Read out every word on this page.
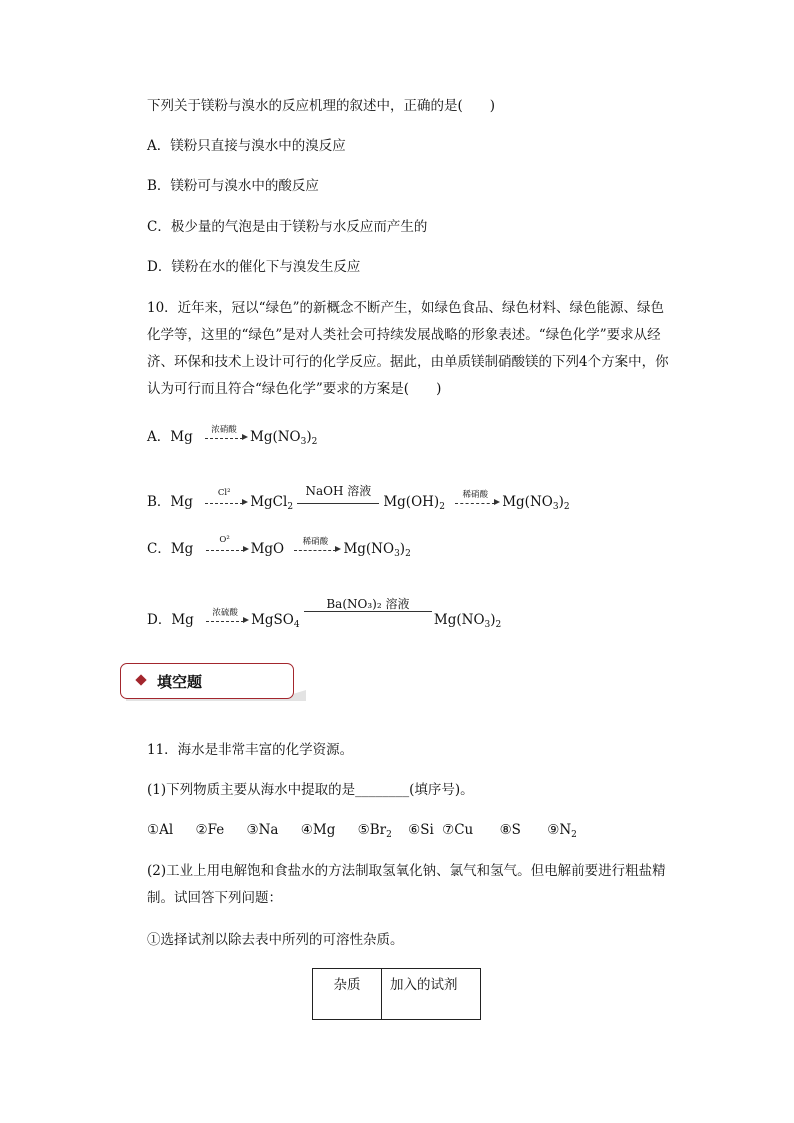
下列关于镁粉与溴水的反应机理的叙述中，正确的是(　　)
A．镁粉只直接与溴水中的溴反应
B．镁粉可与溴水中的酸反应
C．极少量的气泡是由于镁粉与水反应而产生的
D．镁粉在水的催化下与溴发生反应
10．近年来，冠以“绿色”的新概念不断产生，如绿色食品、绿色材料、绿色能源、绿色化学等，这里的“绿色”是对人类社会可持续发展战略的形象表述。“绿色化学”要求从经济、环保和技术上设计可行的化学反应。据此，由单质镁制硝酸镁的下列4个方案中，你认为可行而且符合“绿色化学”要求的方案是(　　)
A．Mg	浓硝酸 $Mg(NO_3)_2$
B．Mg
Cl²
MgCl$_2$
NaOH 溶液
$Mg(OH)_2$
稀硝酸	$Mg(NO_3)_2$
C．Mg
O²
MgO	稀硝酸	$Mg(NO_3)_2$
D．Mg	浓硫酸 MgSO$_4$
Ba(NO₃)₂ 溶液
$Mg(NO_3)_2$
填空题
11．海水是非常丰富的化学资源。
(1)下列物质主要从海水中提取的是________(填序号)。
①Al ②Fe ③Na ④Mg $⑤Br_2$ ⑥Si ⑦Cu ⑧S $⑨N_2$
(2)工业上用电解饱和食盐水的方法制取氢氧化钠、氯气和氢气。但电解前要进行粗盐精制。试回答下列问题：
①选择试剂以除去表中所列的可溶性杂质。
杂质	加入的试剂
